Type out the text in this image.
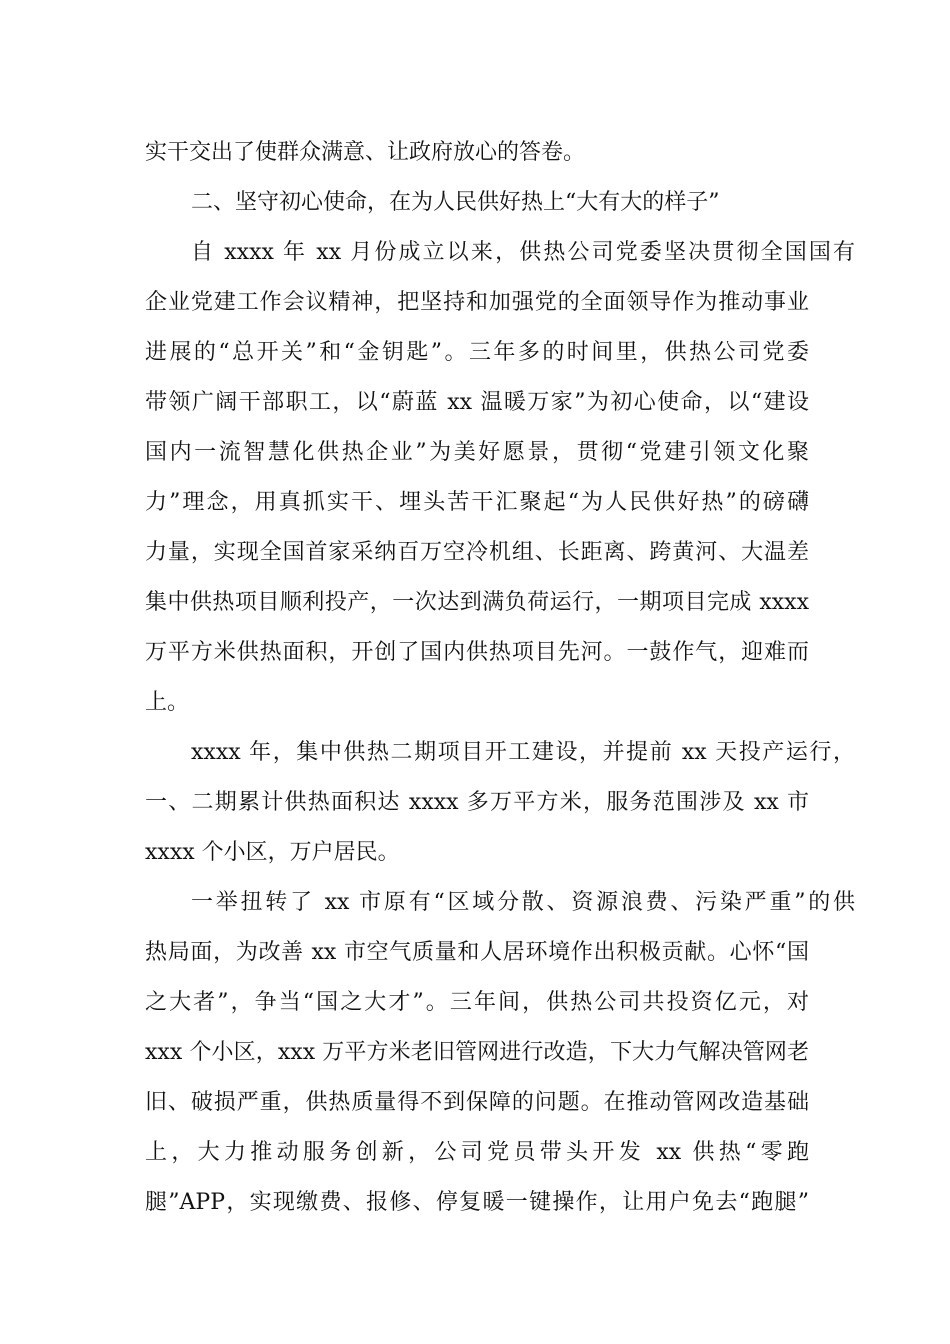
实干交出了使群众满意、让政府放心的答卷。
二、坚守初心使命，在为人民供好热上“大有大的样子”
自 xxxx 年 xx 月份成立以来，供热公司党委坚决贯彻全国国有
企业党建工作会议精神，把坚持和加强党的全面领导作为推动事业
进展的“总开关”和“金钥匙”。三年多的时间里，供热公司党委
带领广阔干部职工，以“蔚蓝 xx 温暖万家”为初心使命，以“建设
国内一流智慧化供热企业”为美好愿景，贯彻“党建引领文化聚
力”理念，用真抓实干、埋头苦干汇聚起“为人民供好热”的磅礴
力量，实现全国首家采纳百万空冷机组、长距离、跨黄河、大温差
集中供热项目顺利投产，一次达到满负荷运行，一期项目完成 xxxx
万平方米供热面积，开创了国内供热项目先河。一鼓作气，迎难而
上。
xxxx 年，集中供热二期项目开工建设，并提前 xx 天投产运行，
一、二期累计供热面积达 xxxx 多万平方米，服务范围涉及 xx 市
xxxx 个小区，万户居民。
一举扭转了 xx 市原有“区域分散、资源浪费、污染严重”的供
热局面，为改善 xx 市空气质量和人居环境作出积极贡献。心怀“国
之大者”，争当“国之大才”。三年间，供热公司共投资亿元，对
xxx 个小区，xxx 万平方米老旧管网进行改造，下大力气解决管网老
旧、破损严重，供热质量得不到保障的问题。在推动管网改造基础
上，大力推动服务创新，公司党员带头开发 xx 供热“零跑
腿”APP，实现缴费、报修、停复暖一键操作，让用户免去“跑腿”
